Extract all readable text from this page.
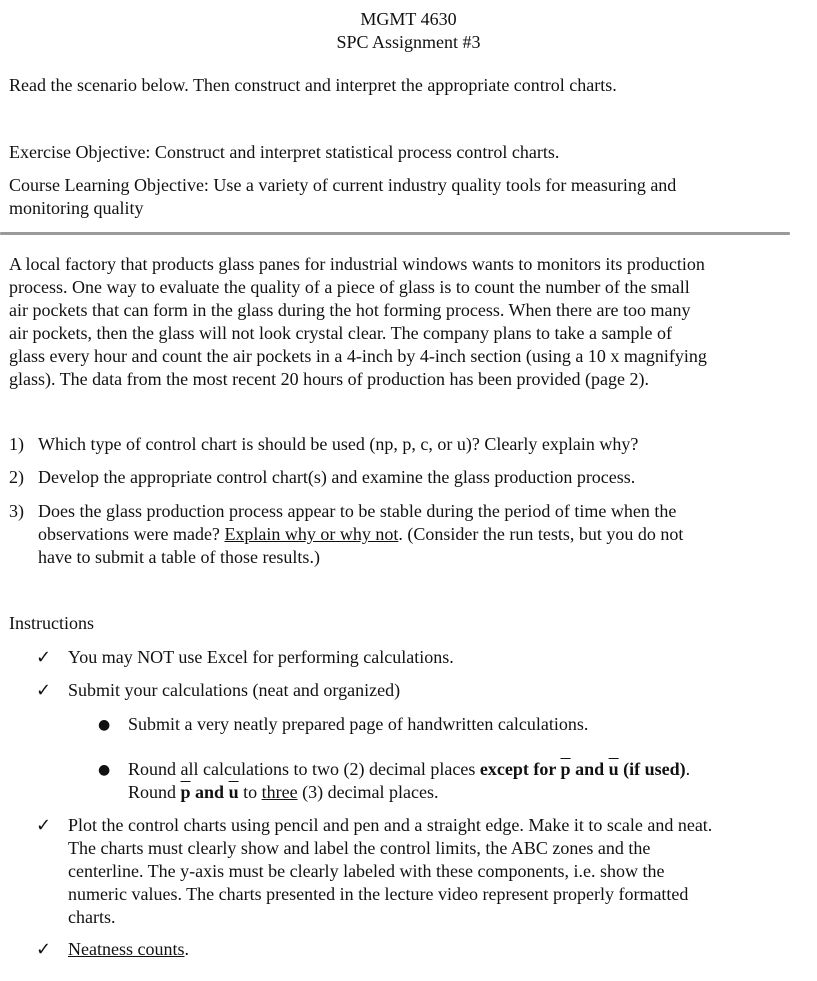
MGMT 4630
SPC Assignment #3
Read the scenario below. Then construct and interpret the appropriate control charts.
Exercise Objective: Construct and interpret statistical process control charts.
Course Learning Objective: Use a variety of current industry quality tools for measuring and
monitoring quality
A local factory that products glass panes for industrial windows wants to monitors its production
process. One way to evaluate the quality of a piece of glass is to count the number of the small
air pockets that can form in the glass during the hot forming process. When there are too many
air pockets, then the glass will not look crystal clear. The company plans to take a sample of
glass every hour and count the air pockets in a 4-inch by 4-inch section (using a 10 x magnifying
glass). The data from the most recent 20 hours of production has been provided (page 2).
1) Which type of control chart is should be used (np, p, c, or u)? Clearly explain why?
2) Develop the appropriate control chart(s) and examine the glass production process.
3) Does the glass production process appear to be stable during the period of time when the
observations were made? Explain why or why not. (Consider the run tests, but you do not
have to submit a table of those results.)
Instructions
✓ You may NOT use Excel for performing calculations.
✓ Submit your calculations (neat and organized)
● Submit a very neatly prepared page of handwritten calculations.
● Round all calculations to two (2) decimal places except for $\overline{p}$ and $\overline{u}$ (if used).
Round $\overline{p}$ and $\overline{u}$ to three (3) decimal places.
✓ Plot the control charts using pencil and pen and a straight edge. Make it to scale and neat.
The charts must clearly show and label the control limits, the ABC zones and the
centerline. The y-axis must be clearly labeled with these components, i.e. show the
numeric values. The charts presented in the lecture video represent properly formatted
charts.
✓ Neatness counts.
